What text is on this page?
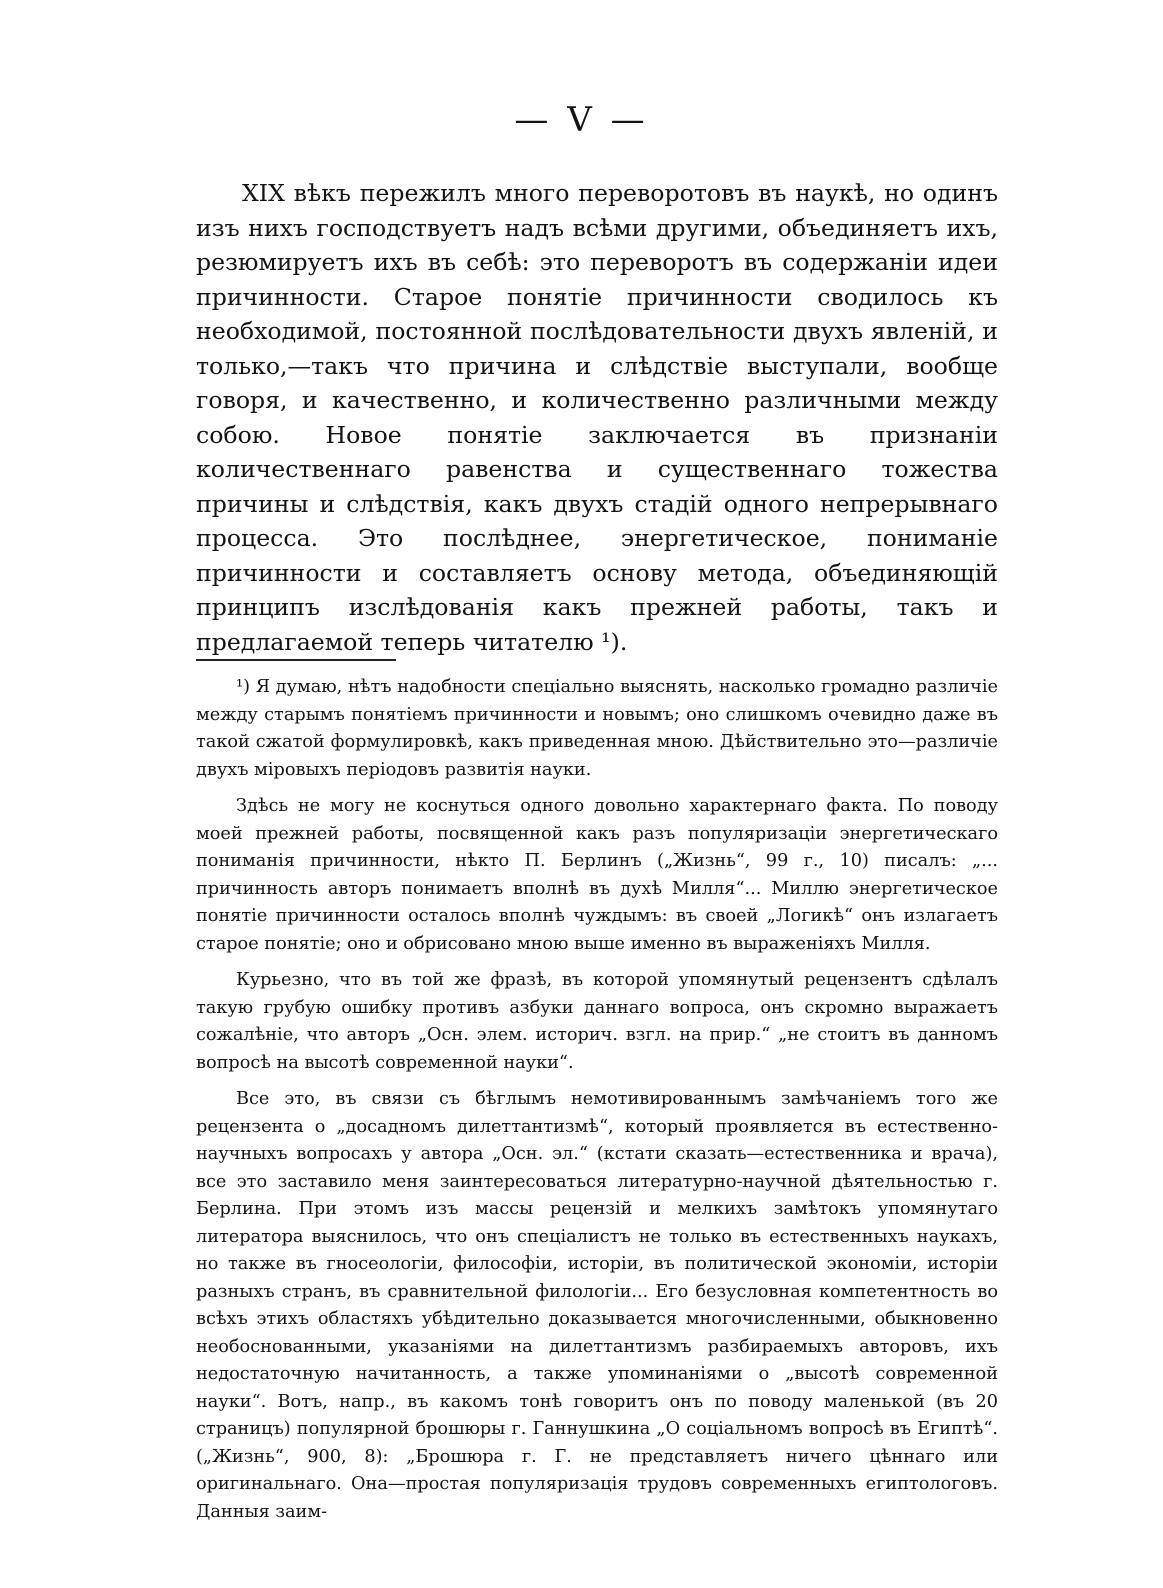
— V —

XIX вѣкъ пережилъ много переворотовъ въ наукѣ, но одинъ изъ нихъ господствуетъ надъ всѣми другими, объединяетъ ихъ, резюмируетъ ихъ въ себѣ: это переворотъ въ содержаніи идеи причинности. Старое понятіе причинности сводилось къ необходимой, постоянной послѣдовательности двухъ явленій, и только,—такъ что причина и слѣдствіе выступали, вообще говоря, и качественно, и количественно различными между собою. Новое понятіе заключается въ признаніи количественнаго равенства и существеннаго тожества причины и слѣдствія, какъ двухъ стадій одного непрерывнаго процесса. Это послѣднее, энергетическое, пониманіе причинности и составляетъ основу метода, объединяющій принципъ изслѣдованія какъ прежней работы, такъ и предлагаемой теперь читателю ¹).

¹) Я думаю, нѣтъ надобности спеціально выяснять, насколько громадно различіе между старымъ понятіемъ причинности и новымъ; оно слишкомъ очевидно даже въ такой сжатой формулировкѣ, какъ приведенная мною. Дѣйствительно это—различіе двухъ міровыхъ періодовъ развитія науки.

Здѣсь не могу не коснуться одного довольно характернаго факта. По поводу моей прежней работы, посвященной какъ разъ популяризаціи энергетическаго пониманія причинности, нѣкто П. Берлинъ („Жизнь“, 99 г., 10) писалъ: „... причинность авторъ понимаетъ вполнѣ въ духѣ Милля“... Миллю энергетическое понятіе причинности осталось вполнѣ чуждымъ: въ своей „Логикѣ“ онъ излагаетъ старое понятіе; оно и обрисовано мною выше именно въ выраженіяхъ Милля.

Курьезно, что въ той же фразѣ, въ которой упомянутый рецензентъ сдѣлалъ такую грубую ошибку противъ азбуки даннаго вопроса, онъ скромно выражаетъ сожалѣніе, что авторъ „Осн. элем. историч. взгл. на прир.“ „не стоитъ въ данномъ вопросѣ на высотѣ современной науки“.

Все это, въ связи съ бѣглымъ немотивированнымъ замѣчаніемъ того же рецензента о „досадномъ дилеттантизмѣ“, который проявляется въ естественно-научныхъ вопросахъ у автора „Осн. эл.“ (кстати сказать—естественника и врача), все это заставило меня заинтересоваться литературно-научной дѣятельностью г. Берлина. При этомъ изъ массы рецензій и мелкихъ замѣтокъ упомянутаго литератора выяснилось, что онъ спеціалистъ не только въ естественныхъ наукахъ, но также въ гносеологіи, философіи, исторіи, въ политической экономіи, исторіи разныхъ странъ, въ сравнительной филологіи... Его безусловная компетентность во всѣхъ этихъ областяхъ убѣдительно доказывается многочисленными, обыкновенно необоснованными, указаніями на дилеттантизмъ разбираемыхъ авторовъ, ихъ недостаточную начитанность, а также упоминаніями о „высотѣ современной науки“. Вотъ, напр., въ какомъ тонѣ говоритъ онъ по поводу маленькой (въ 20 страницъ) популярной брошюры г. Ганнушкина „О соціальномъ вопросѣ въ Египтѣ“. („Жизнь“, 900, 8): „Брошюра г. Г. не представляетъ ничего цѣннаго или оригинальнаго. Она—простая популяризація трудовъ современныхъ египтологовъ. Данныя заим-
